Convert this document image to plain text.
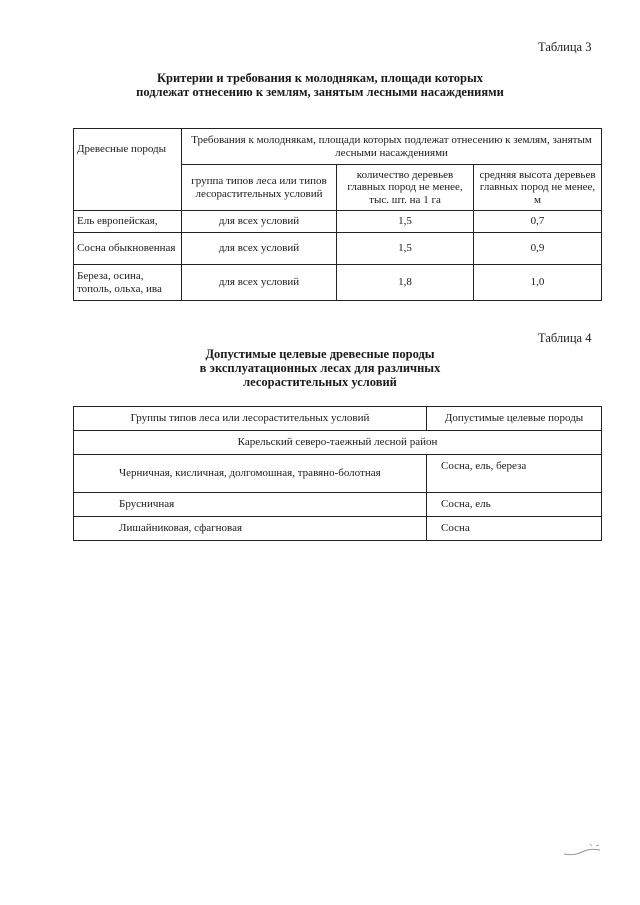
Таблица 3
Критерии и требования к молоднякам, площади которых
подлежат отнесению к землям, занятым лесными насаждениями
Древесные породы	Требования к молоднякам, площади которых подлежат отнесению к землям, занятым лесными насаждениями		
	группа типов леса или типов лесорастительных условий	количество деревьев главных пород не менее, тыс. шт. на 1 га	средняя высота деревьев главных пород не менее, м
Ель европейская,	для всех условий	1,5	0,7
Сосна обыкновенная	для всех условий	1,5	0,9
Береза, осина, тополь, ольха, ива	для всех условий	1,8	1,0
Таблица 4
Допустимые целевые древесные породы
в эксплуатационных лесах для различных
лесорастительных условий
Группы типов леса или лесорастительных условий	Допустимые целевые породы
Карельский северо-таежный лесной район	
Черничная, кисличная, долгомошная, травяно-болотная	Сосна, ель, береза
Брусничная	Сосна, ель
Лишайниковая, сфагновая	Сосна
